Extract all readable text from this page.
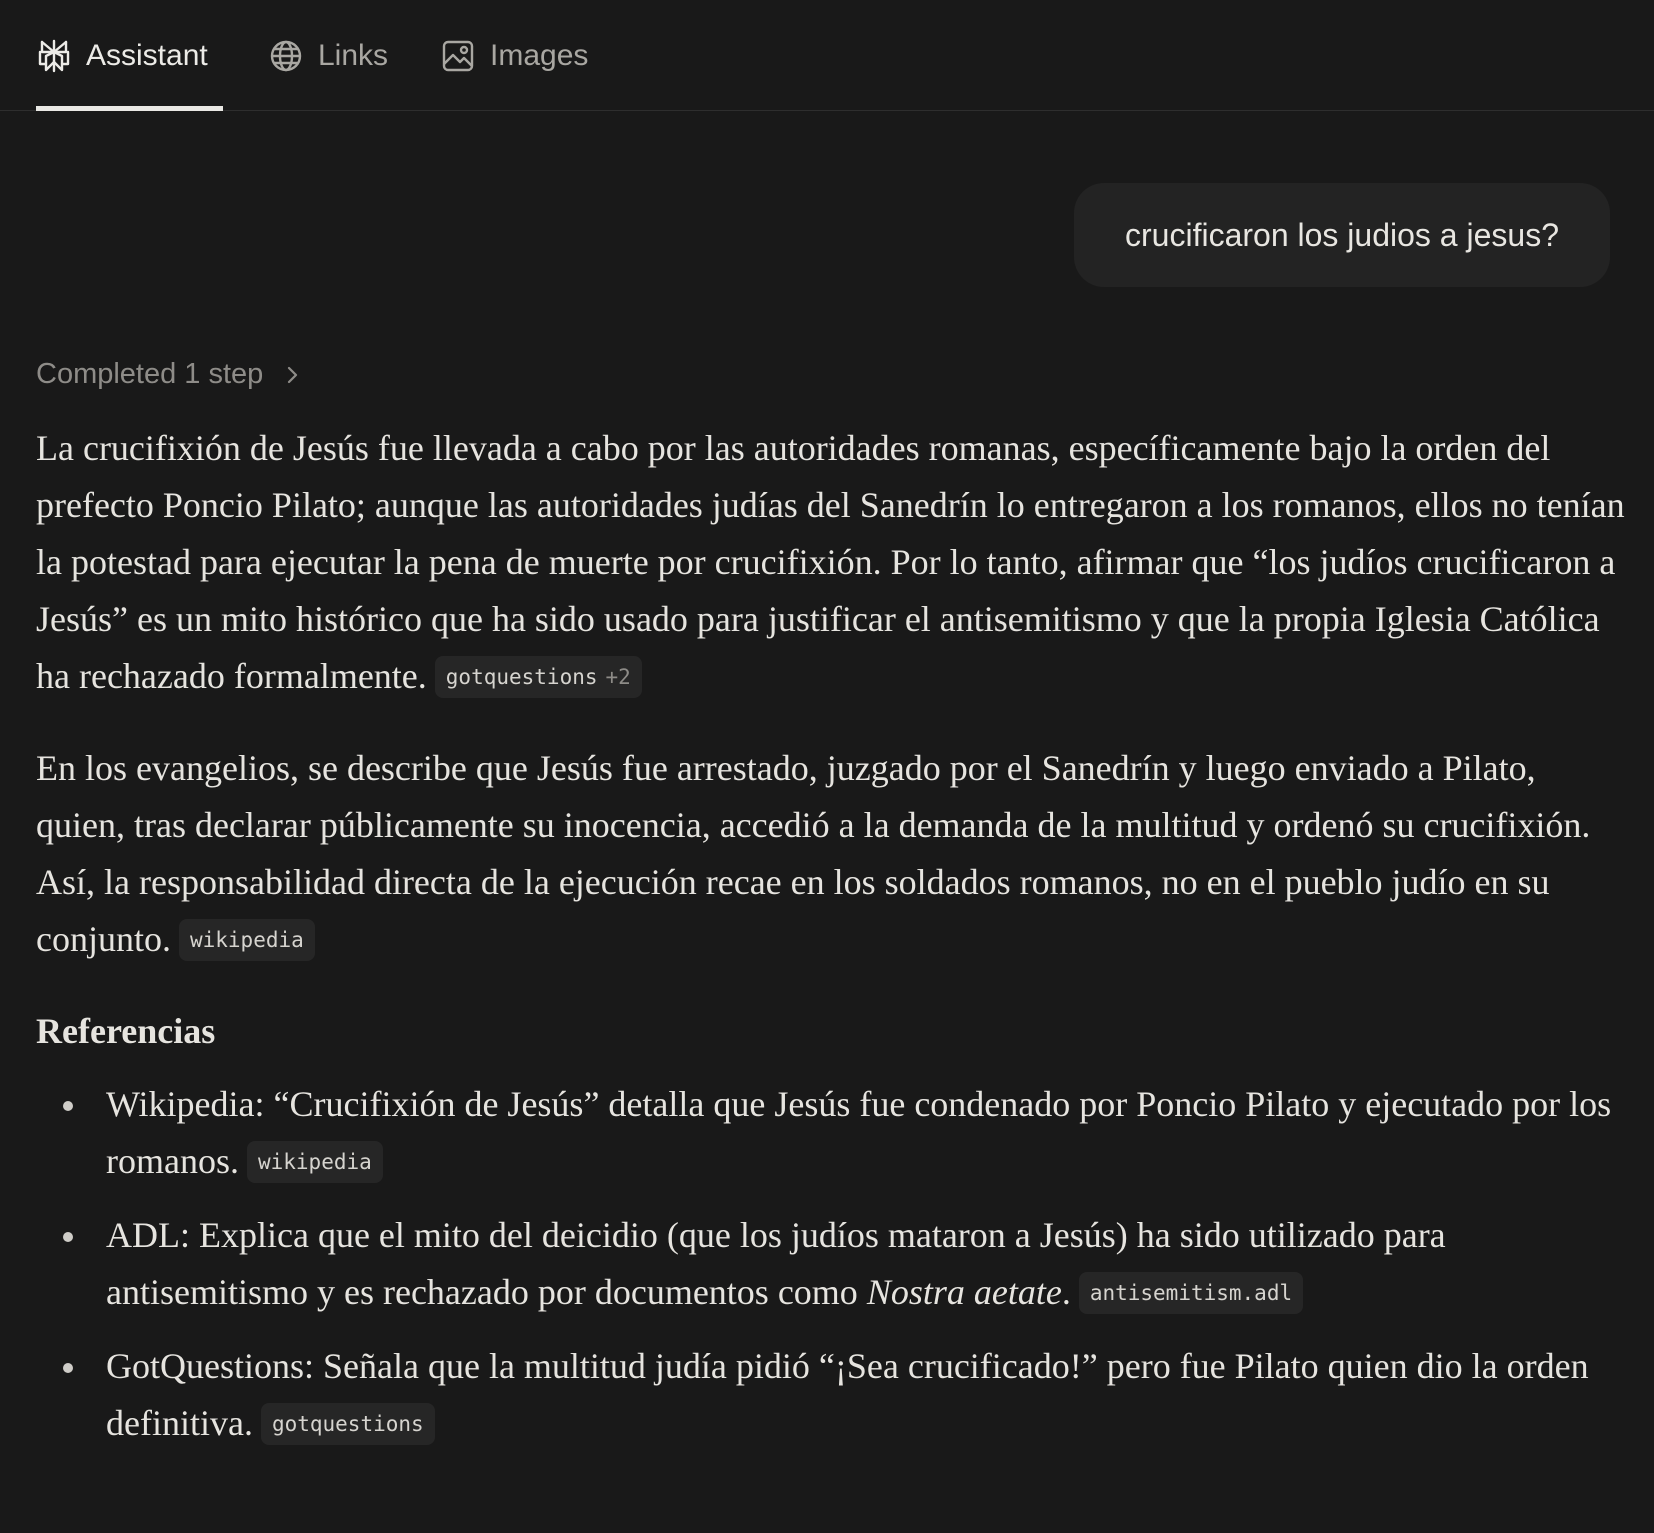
Assistant	Links	Images
crucificaron los judios a jesus?
Completed 1 step

La crucifixión de Jesús fue llevada a cabo por las autoridades romanas, específicamente bajo la orden del prefecto Poncio Pilato; aunque las autoridades judías del Sanedrín lo entregaron a los romanos, ellos no tenían la potestad para ejecutar la pena de muerte por crucifixión. Por lo tanto, afirmar que “los judíos crucificaron a Jesús” es un mito histórico que ha sido usado para justificar el antisemitismo y que la propia Iglesia Católica ha rechazado formalmente. gotquestions +2

En los evangelios, se describe que Jesús fue arrestado, juzgado por el Sanedrín y luego enviado a Pilato, quien, tras declarar públicamente su inocencia, accedió a la demanda de la multitud y ordenó su crucifixión. Así, la responsabilidad directa de la ejecución recae en los soldados romanos, no en el pueblo judío en su conjunto. wikipedia

Referencias
Wikipedia: “Crucifixión de Jesús” detalla que Jesús fue condenado por Poncio Pilato y ejecutado por los romanos. wikipedia
ADL: Explica que el mito del deicidio (que los judíos mataron a Jesús) ha sido utilizado para antisemitismo y es rechazado por documentos como Nostra aetate. antisemitism.adl
GotQuestions: Señala que la multitud judía pidió “¡Sea crucificado!” pero fue Pilato quien dio la orden definitiva. gotquestions
